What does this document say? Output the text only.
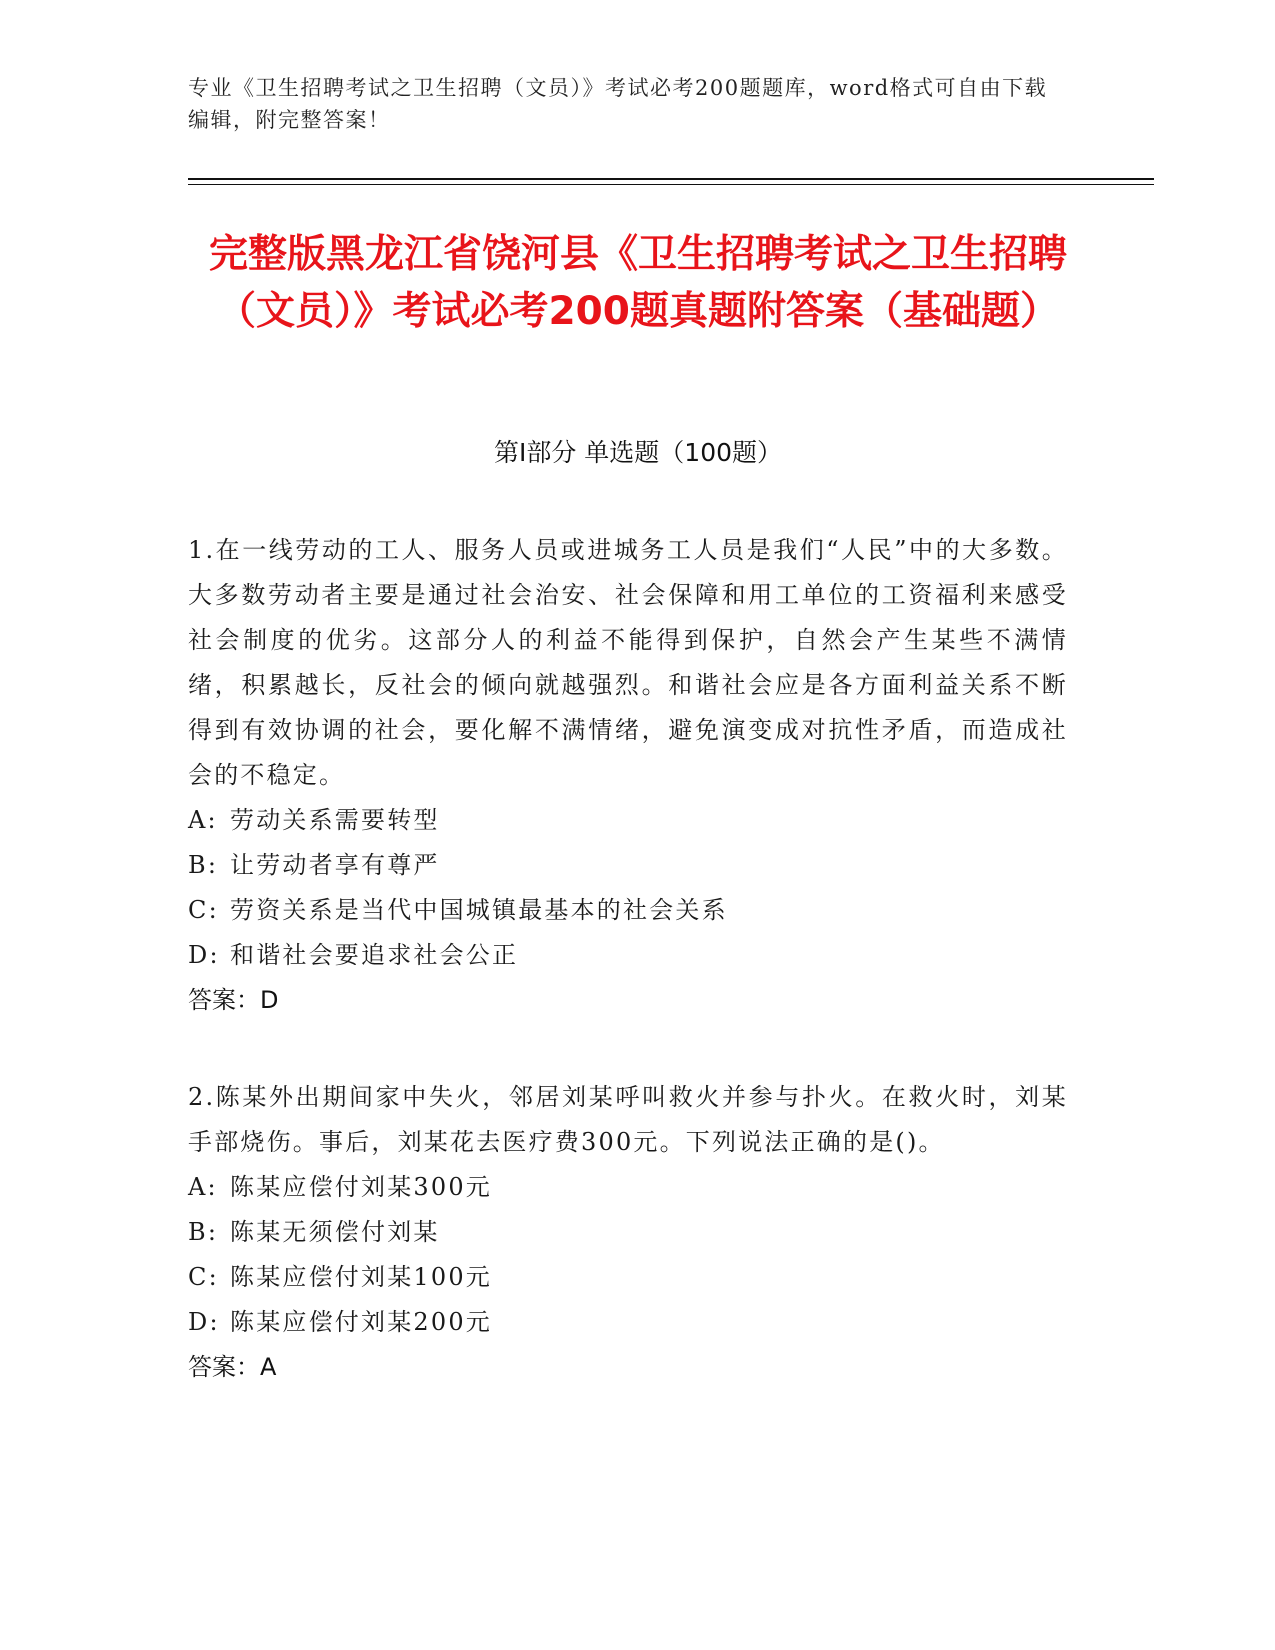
专业《卫生招聘考试之卫生招聘（文员）》考试必考200题题库，word格式可自由下载编辑，附完整答案！
完整版黑龙江省饶河县《卫生招聘考试之卫生招聘（文员）》考试必考200题真题附答案（基础题）
第Ⅰ部分 单选题（100题）

1.在一线劳动的工人、服务人员或进城务工人员是我们“人民”中的大多数。大多数劳动者主要是通过社会治安、社会保障和用工单位的工资福利来感受社会制度的优劣。这部分人的利益不能得到保护，自然会产生某些不满情绪，积累越长，反社会的倾向就越强烈。和谐社会应是各方面利益关系不断得到有效协调的社会，要化解不满情绪，避免演变成对抗性矛盾，而造成社会的不稳定。

A: 劳动关系需要转型
B: 让劳动者享有尊严
C: 劳资关系是当代中国城镇最基本的社会关系
D: 和谐社会要追求社会公正
答案：D

2.陈某外出期间家中失火，邻居刘某呼叫救火并参与扑火。在救火时，刘某手部烧伤。事后，刘某花去医疗费300元。下列说法正确的是()。

A: 陈某应偿付刘某300元
B: 陈某无须偿付刘某
C: 陈某应偿付刘某100元
D: 陈某应偿付刘某200元
答案：A
